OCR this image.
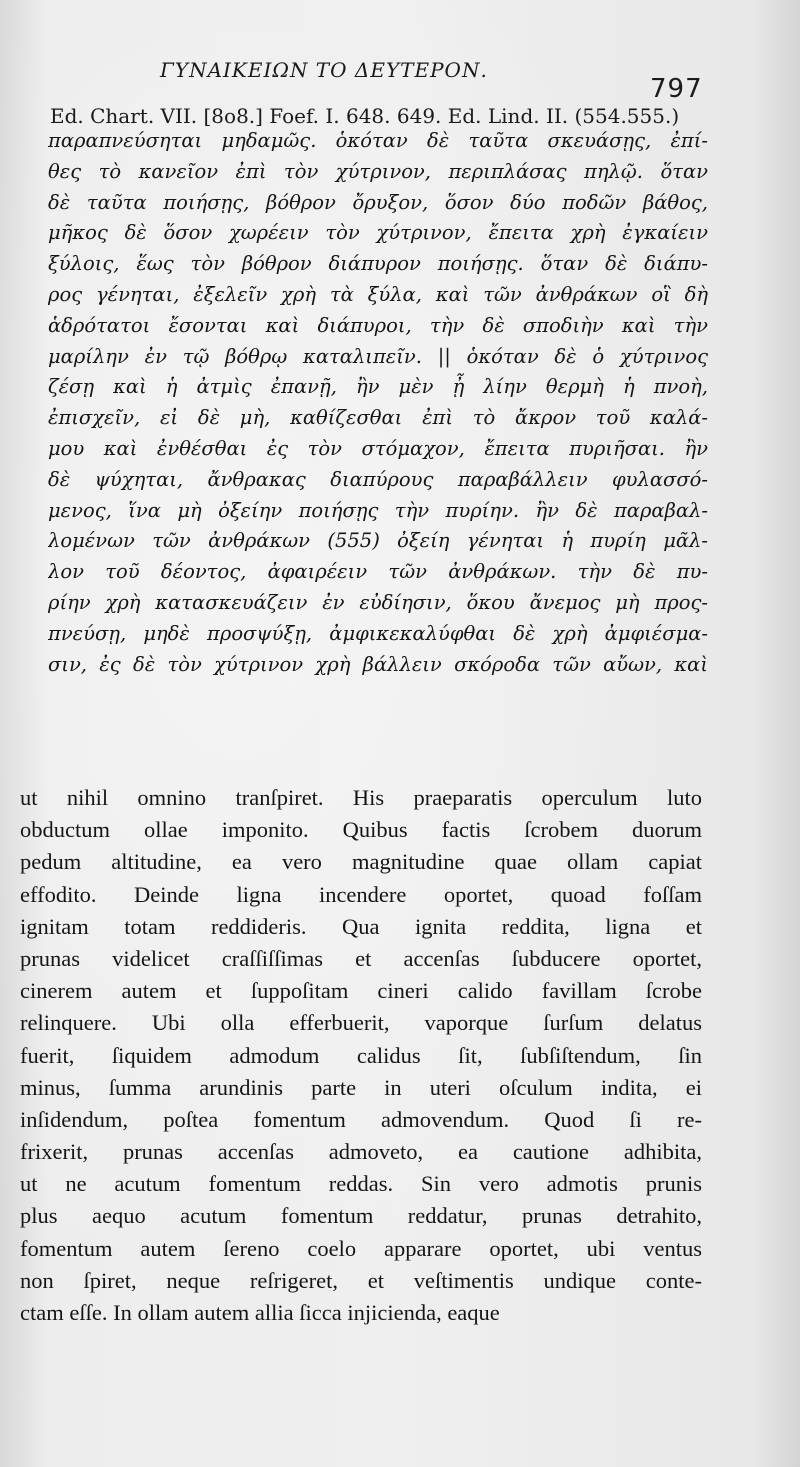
ΓΥΝΑΙΚΕΙΩΝ ΤΟ ΔΕΥΤΕΡΟΝ.
797
Ed. Chart. VII. [8o8.] Foef. I. 648. 649. Ed. Lind. II. (554.555.)
παραπνεύσηται μηδαμῶς. ὁκόταν δὲ ταῦτα σκευάσῃς, ἐπί-
θες τὸ κανεῖον ἐπὶ τὸν χύτρινον, περιπλάσας πηλῷ. ὅταν
δὲ ταῦτα ποιήσῃς, βόθρον ὄρυξον, ὅσον δύο ποδῶν βάθος,
μῆκος δὲ ὅσον χωρέειν τὸν χύτρινον, ἔπειτα χρὴ ἐγκαίειν
ξύλοις, ἕως τὸν βόθρον διάπυρον ποιήσῃς. ὅταν δὲ διάπυ-
ρος γένηται, ἐξελεῖν χρὴ τὰ ξύλα, καὶ τῶν ἀνθράκων οἳ δὴ
ἁδρότατοι ἔσονται καὶ διάπυροι, τὴν δὲ σποδιὴν καὶ τὴν
μαρίλην ἐν τῷ βόθρῳ καταλιπεῖν. || ὁκόταν δὲ ὁ χύτρινος
ζέσῃ καὶ ἡ ἀτμὶς ἐπανῇ, ἢν μὲν ᾖ λίην θερμὴ ἡ πνοὴ,
ἐπισχεῖν, εἰ δὲ μὴ, καθίζεσθαι ἐπὶ τὸ ἄκρον τοῦ καλά-
μου καὶ ἐνθέσθαι ἐς τὸν στόμαχον, ἔπειτα πυριῆσαι. ἢν
δὲ ψύχηται, ἄνθρακας διαπύρους παραβάλλειν φυλασσό-
μενος, ἵνα μὴ ὀξείην ποιήσῃς τὴν πυρίην. ἢν δὲ παραβαλ-
λομένων τῶν ἀνθράκων (555) ὀξείη γένηται ἡ πυρίη μᾶλ-
λον τοῦ δέοντος, ἀφαιρέειν τῶν ἀνθράκων. τὴν δὲ πυ-
ρίην χρὴ κατασκευάζειν ἐν εὐδίησιν, ὅκου ἄνεμος μὴ προς-
πνεύσῃ, μηδὲ προσψύξῃ, ἀμφικεκαλύφθαι δὲ χρὴ ἀμφιέσμα-
σιν, ἐς δὲ τὸν χύτρινον χρὴ βάλλειν σκόροδα τῶν αὔων, καὶ
ut nihil omnino tranſpiret. His praeparatis operculum luto
obductum ollae imponito. Quibus factis ſcrobem duorum
pedum altitudine, ea vero magnitudine quae ollam capiat
effodito. Deinde ligna incendere oportet, quoad foſſam
ignitam totam reddideris. Qua ignita reddita, ligna et
prunas videlicet craſſiſſimas et accenſas ſubducere oportet,
cinerem autem et ſuppoſitam cineri calido favillam ſcrobe
relinquere. Ubi olla efferbuerit, vaporque ſurſum delatus
fuerit, ſiquidem admodum calidus ſit, ſubſiſtendum, ſin
minus, ſumma arundinis parte in uteri oſculum indita, ei
inſidendum, poſtea fomentum admovendum. Quod ſi re-
frixerit, prunas accenſas admoveto, ea cautione adhibita,
ut ne acutum fomentum reddas. Sin vero admotis prunis
plus aequo acutum fomentum reddatur, prunas detrahito,
fomentum autem ſereno coelo apparare oportet, ubi ventus
non ſpiret, neque reſrigeret, et veſtimentis undique conte-
ctam eſſe. In ollam autem allia ſicca injicienda, eaque
